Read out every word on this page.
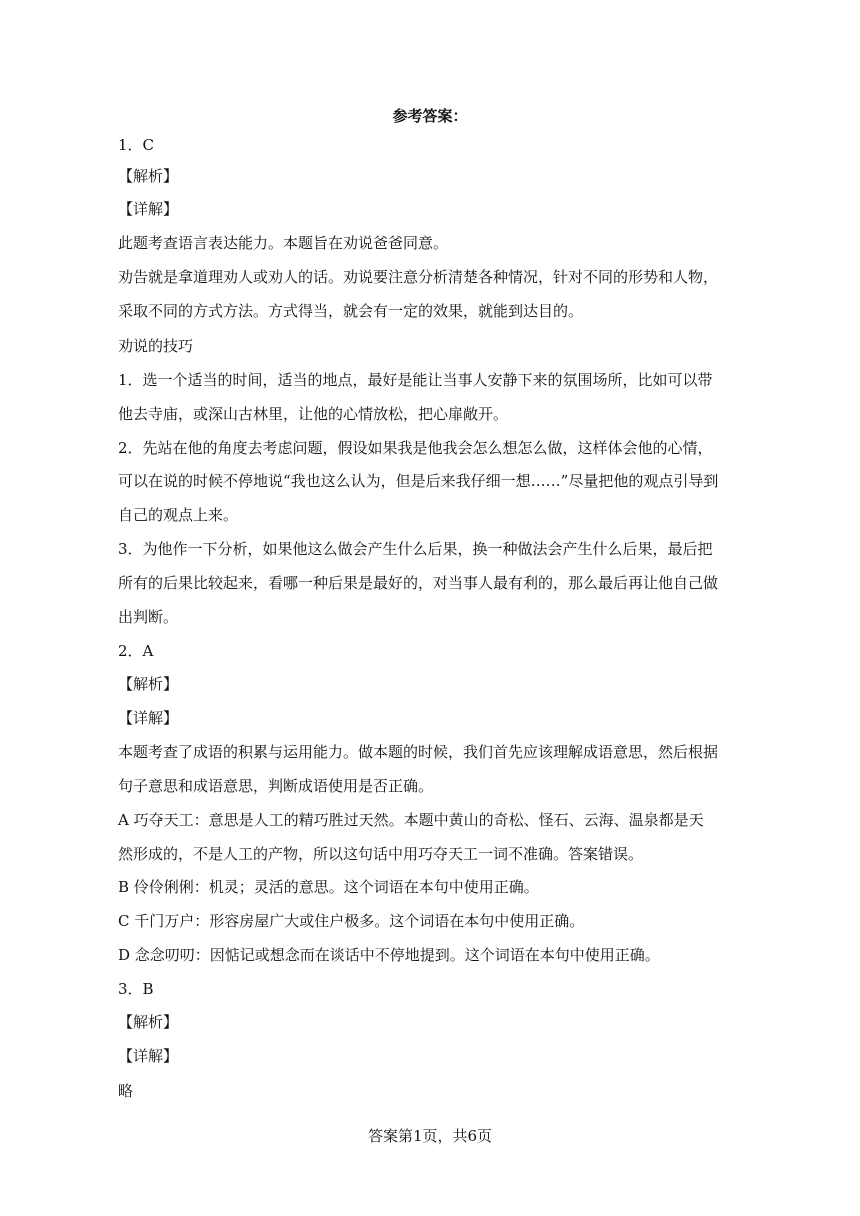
参考答案：
1．C
【解析】
【详解】
此题考查语言表达能力。本题旨在劝说爸爸同意。
劝告就是拿道理劝人或劝人的话。劝说要注意分析清楚各种情况，针对不同的形势和人物，
采取不同的方式方法。方式得当，就会有一定的效果，就能到达目的。
劝说的技巧
1．选一个适当的时间，适当的地点，最好是能让当事人安静下来的氛围场所，比如可以带
他去寺庙，或深山古林里，让他的心情放松，把心扉敞开。
2．先站在他的角度去考虑问题，假设如果我是他我会怎么想怎么做，这样体会他的心情，
可以在说的时候不停地说“我也这么认为，但是后来我仔细一想……”尽量把他的观点引导到
自己的观点上来。
3．为他作一下分析，如果他这么做会产生什么后果，换一种做法会产生什么后果，最后把
所有的后果比较起来，看哪一种后果是最好的，对当事人最有利的，那么最后再让他自己做
出判断。
2．A
【解析】
【详解】
本题考查了成语的积累与运用能力。做本题的时候，我们首先应该理解成语意思，然后根据
句子意思和成语意思，判断成语使用是否正确。
A 巧夺天工：意思是人工的精巧胜过天然。本题中黄山的奇松、怪石、云海、温泉都是天
然形成的，不是人工的产物，所以这句话中用巧夺天工一词不准确。答案错误。
B 伶伶俐俐：机灵；灵活的意思。这个词语在本句中使用正确。
C 千门万户：形容房屋广大或住户极多。这个词语在本句中使用正确。
D 念念叨叨：因惦记或想念而在谈话中不停地提到。这个词语在本句中使用正确。
3．B
【解析】
【详解】
略
答案第1页，共6页
